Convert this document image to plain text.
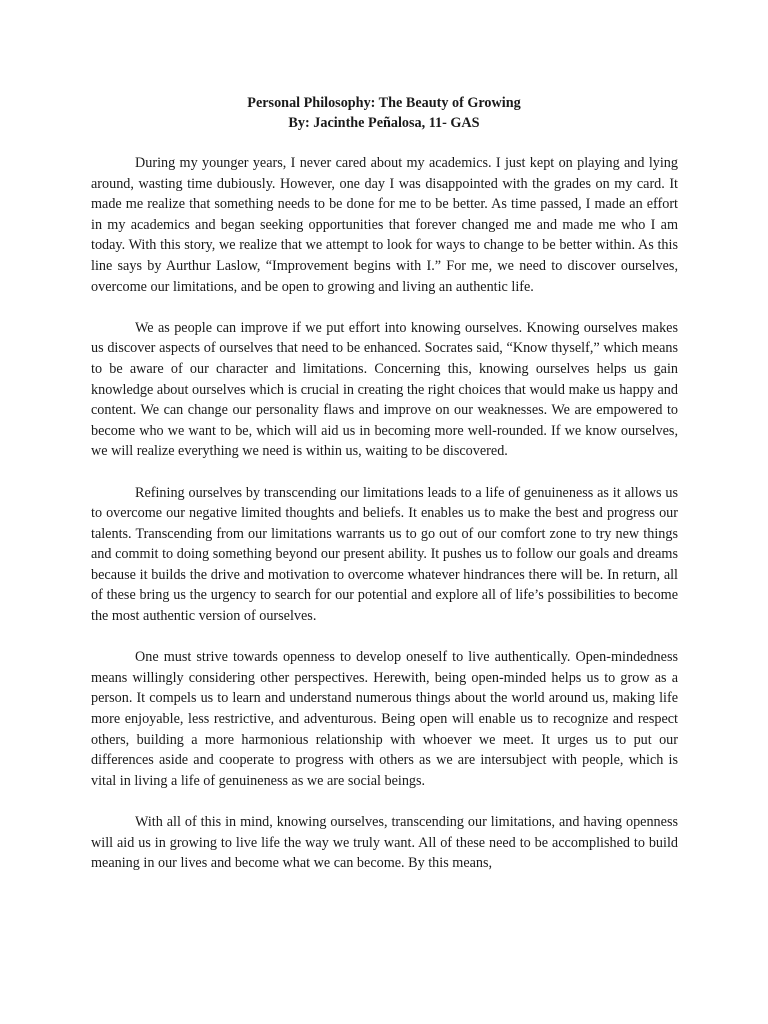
Personal Philosophy: The Beauty of Growing
By: Jacinthe Peñalosa, 11- GAS

During my younger years, I never cared about my academics. I just kept on playing and lying around, wasting time dubiously. However, one day I was disappointed with the grades on my card. It made me realize that something needs to be done for me to be better. As time passed, I made an effort in my academics and began seeking opportunities that forever changed me and made me who I am today. With this story, we realize that we attempt to look for ways to change to be better within. As this line says by Aurthur Laslow, “Improvement begins with I.” For me, we need to discover ourselves, overcome our limitations, and be open to growing and living an authentic life.

We as people can improve if we put effort into knowing ourselves. Knowing ourselves makes us discover aspects of ourselves that need to be enhanced. Socrates said, “Know thyself,” which means to be aware of our character and limitations. Concerning this, knowing ourselves helps us gain knowledge about ourselves which is crucial in creating the right choices that would make us happy and content. We can change our personality flaws and improve on our weaknesses. We are empowered to become who we want to be, which will aid us in becoming more well-rounded. If we know ourselves, we will realize everything we need is within us, waiting to be discovered.

Refining ourselves by transcending our limitations leads to a life of genuineness as it allows us to overcome our negative limited thoughts and beliefs. It enables us to make the best and progress our talents. Transcending from our limitations warrants us to go out of our comfort zone to try new things and commit to doing something beyond our present ability. It pushes us to follow our goals and dreams because it builds the drive and motivation to overcome whatever hindrances there will be. In return, all of these bring us the urgency to search for our potential and explore all of life’s possibilities to become the most authentic version of ourselves.

One must strive towards openness to develop oneself to live authentically. Open-mindedness means willingly considering other perspectives. Herewith, being open-minded helps us to grow as a person. It compels us to learn and understand numerous things about the world around us, making life more enjoyable, less restrictive, and adventurous. Being open will enable us to recognize and respect others, building a more harmonious relationship with whoever we meet. It urges us to put our differences aside and cooperate to progress with others as we are intersubject with people, which is vital in living a life of genuineness as we are social beings.

With all of this in mind, knowing ourselves, transcending our limitations, and having openness will aid us in growing to live life the way we truly want. All of these need to be accomplished to build meaning in our lives and become what we can become. By this means,
